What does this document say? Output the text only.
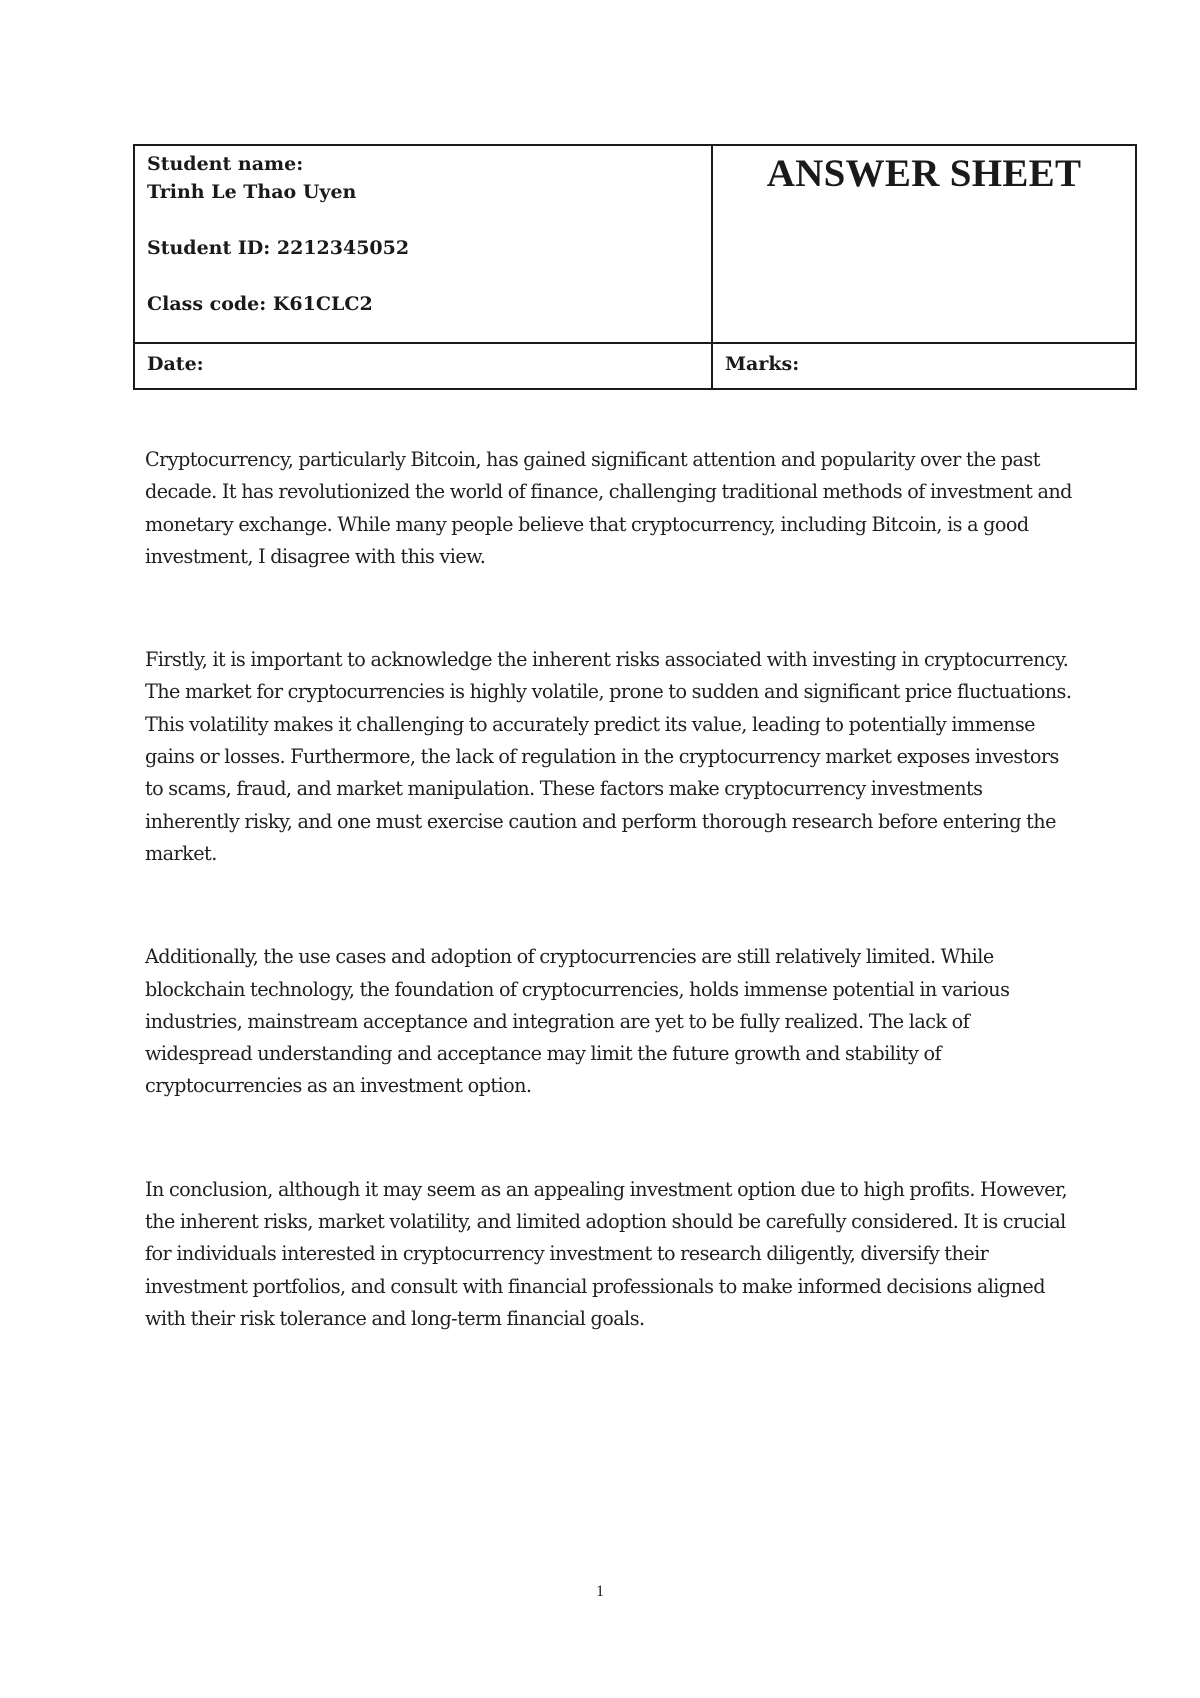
Student name:
Trinh Le Thao Uyen
Student ID: 2212345052
Class code: K61CLC2
ANSWER SHEET
Date:	Marks:

Cryptocurrency, particularly Bitcoin, has gained significant attention and popularity over the past decade. It has revolutionized the world of finance, challenging traditional methods of investment and monetary exchange. While many people believe that cryptocurrency, including Bitcoin, is a good investment, I disagree with this view.

Firstly, it is important to acknowledge the inherent risks associated with investing in cryptocurrency. The market for cryptocurrencies is highly volatile, prone to sudden and significant price fluctuations. This volatility makes it challenging to accurately predict its value, leading to potentially immense gains or losses. Furthermore, the lack of regulation in the cryptocurrency market exposes investors to scams, fraud, and market manipulation. These factors make cryptocurrency investments inherently risky, and one must exercise caution and perform thorough research before entering the market.

Additionally, the use cases and adoption of cryptocurrencies are still relatively limited. While blockchain technology, the foundation of cryptocurrencies, holds immense potential in various industries, mainstream acceptance and integration are yet to be fully realized. The lack of widespread understanding and acceptance may limit the future growth and stability of cryptocurrencies as an investment option.

In conclusion, although it may seem as an appealing investment option due to high profits. However, the inherent risks, market volatility, and limited adoption should be carefully considered. It is crucial for individuals interested in cryptocurrency investment to research diligently, diversify their investment portfolios, and consult with financial professionals to make informed decisions aligned with their risk tolerance and long-term financial goals.

1
